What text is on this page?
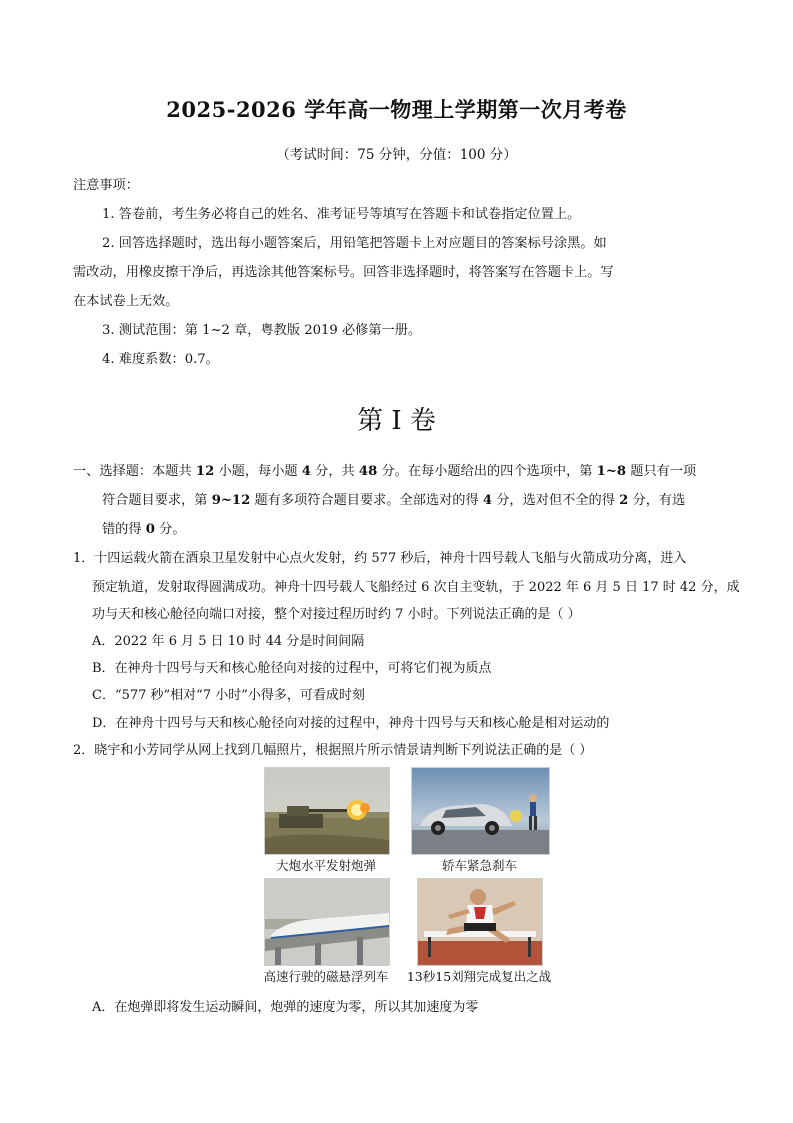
2025-2026 学年高一物理上学期第一次月考卷
（考试时间：75 分钟，分值：100 分）
注意事项：
1. 答卷前，考生务必将自己的姓名、准考证号等填写在答题卡和试卷指定位置上。
2. 回答选择题时，选出每小题答案后，用铅笔把答题卡上对应题目的答案标号涂黑。如
需改动，用橡皮擦干净后，再选涂其他答案标号。回答非选择题时，将答案写在答题卡上。写
在本试卷上无效。
3. 测试范围：第 1~2 章，粤教版 2019 必修第一册。
4. 难度系数：0.7。
第 I 卷
一、选择题：本题共 12 小题，每小题 4 分，共 48 分。在每小题给出的四个选项中，第 1~8 题只有一项
符合题目要求，第 9~12 题有多项符合题目要求。全部选对的得 4 分，选对但不全的得 2 分，有选
错的得 0 分。
1．十四运载火箭在酒泉卫星发射中心点火发射，约 577 秒后，神舟十四号载人飞船与火箭成功分离，进入
预定轨道，发射取得圆满成功。神舟十四号载人飞船经过 6 次自主变轨，于 2022 年 6 月 5 日 17 时 42 分，成
功与天和核心舱径向端口对接，整个对接过程历时约 7 小时。下列说法正确的是（ ）
A．2022 年 6 月 5 日 10 时 44 分是时间间隔
B．在神舟十四号与天和核心舱径向对接的过程中，可将它们视为质点
C．“577 秒”相对“7 小时”小得多，可看成时刻
D．在神舟十四号与天和核心舱径向对接的过程中，神舟十四号与天和核心舱是相对运动的
2．晓宇和小芳同学从网上找到几幅照片，根据照片所示情景请判断下列说法正确的是（ ）
大炮水平发射炮弹	轿车紧急刹车
高速行驶的磁悬浮列车 13秒15刘翔完成复出之战
A．在炮弹即将发生运动瞬间，炮弹的速度为零，所以其加速度为零
